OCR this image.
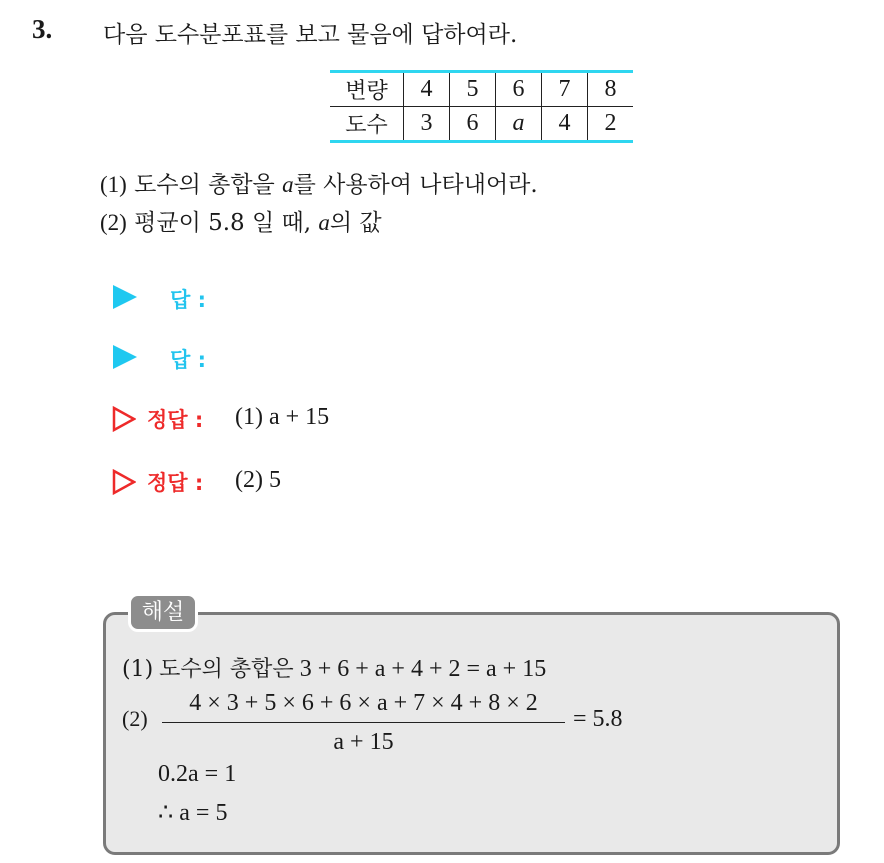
3. 다음 도수분포표를 보고 물음에 답하여라.
변량	4	5	6	7	8
도수	3	6	a	4	2
(1) 도수의 총합을 a를 사용하여 나타내어라.
(2) 평균이 5.8 일 때, a의 값
답 :
답 :
정답 : (1) a + 15
정답 : (2) 5
해설
(1) 도수의 총합은 3 + 6 + a + 4 + 2 = a + 15
(2)
4 × 3 + 5 × 6 + 6 × a + 7 × 4 + 8 × 2
a + 15
= 5.8
0.2a = 1
∴ a = 5
